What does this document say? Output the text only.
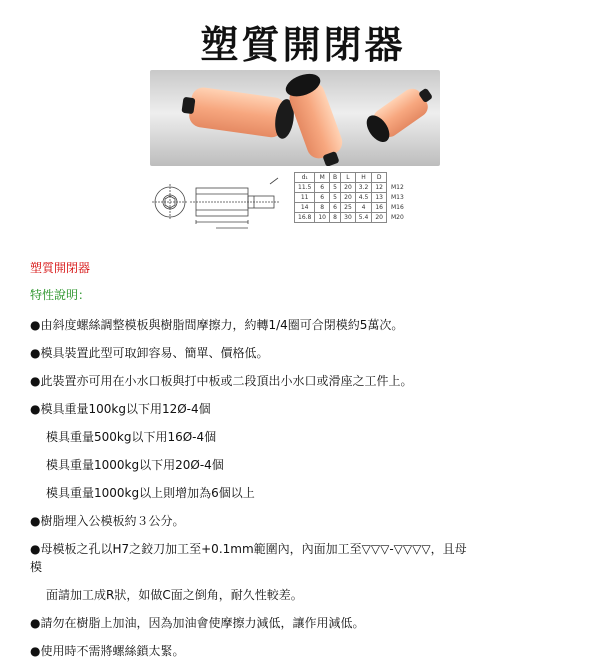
塑質開閉器
d₁	M	B	L	H	D	
11.5	6	5	20	3.2	12	M12
11	6	5	20	4.5	13	M13
14	8	6	25	4	16	M16
16.8	10	8	30	5.4	20	M20
塑質開閉器
特性說明：
●由斜度螺絲調整模板與樹脂間摩擦力，約轉1/4圈可合閉模約5萬次。
●模具裝置此型可取卸容易、簡單、價格低。
●此裝置亦可用在小水口板與打中板或二段頂出小水口或滑座之工件上。
●模具重量100kg以下用12Ø-4個
模具重量500kg以下用16Ø-4個
模具重量1000kg以下用20Ø-4個
模具重量1000kg以上則增加為6個以上
●樹脂埋入公模板約３公分。
●母模板之孔以H7之鉸刀加工至+0.1mm範圍內，內面加工至▽▽▽-▽▽▽▽，且母
模
面請加工成R狀，如做C面之倒角，耐久性較差。
●請勿在樹脂上加油，因為加油會使摩擦力減低，讓作用減低。
●使用時不需將螺絲鎖太緊。
